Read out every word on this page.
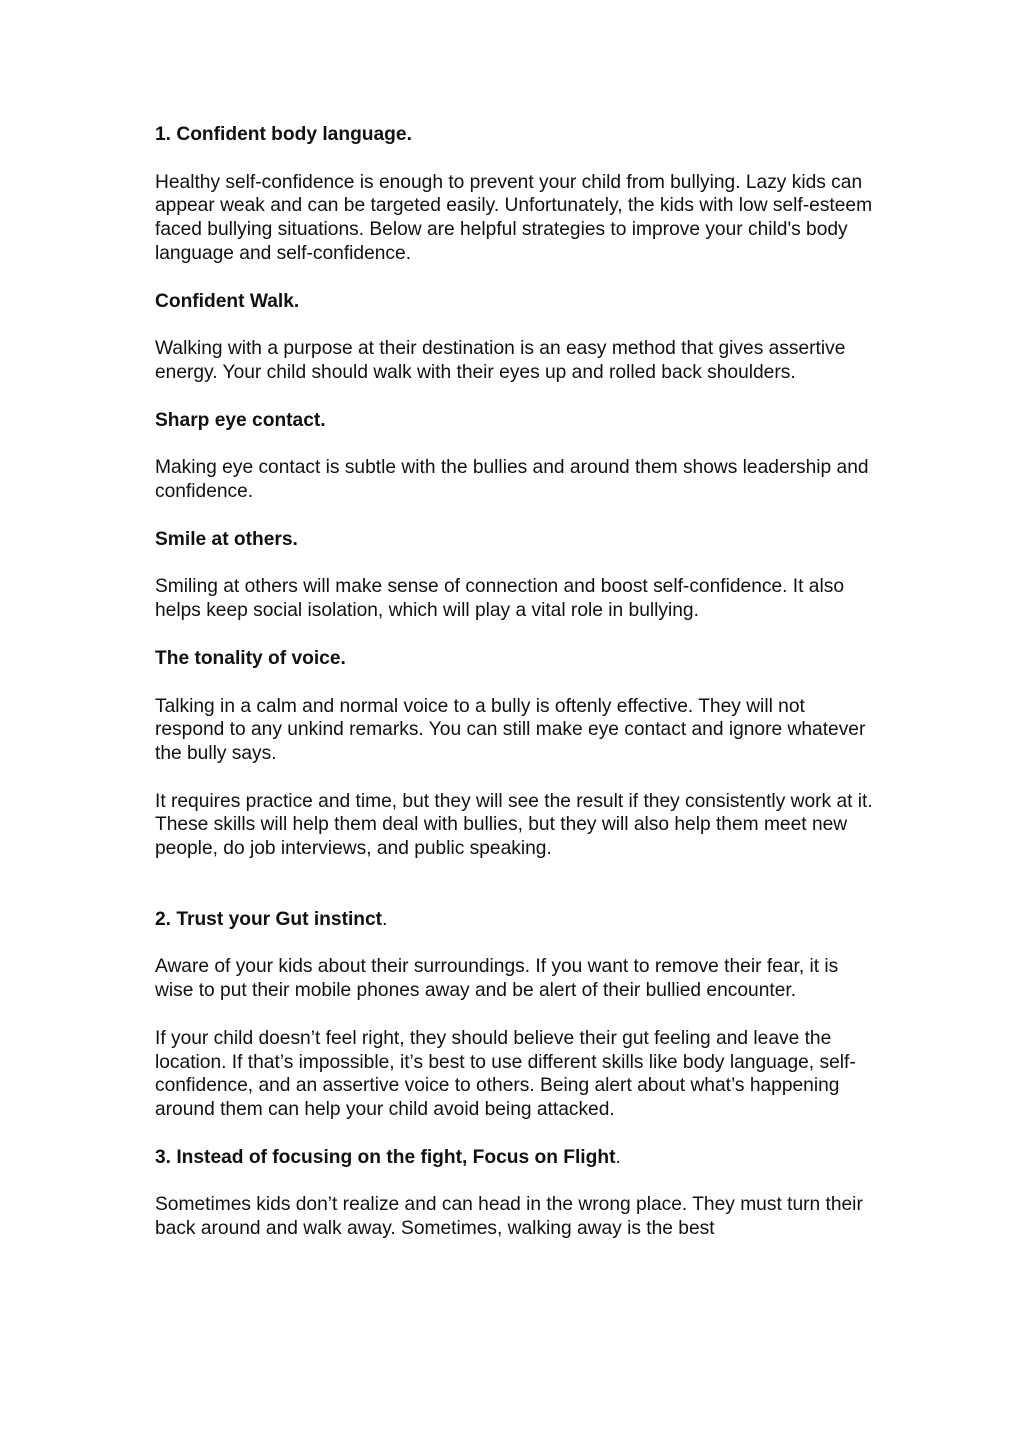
1. Confident body language.

Healthy self-confidence is enough to prevent your child from bullying. Lazy kids can appear weak and can be targeted easily. Unfortunately, the kids with low self-esteem faced bullying situations. Below are helpful strategies to improve your child's body language and self-confidence.

Confident Walk.

Walking with a purpose at their destination is an easy method that gives assertive energy. Your child should walk with their eyes up and rolled back shoulders.

Sharp eye contact.

Making eye contact is subtle with the bullies and around them shows leadership and confidence.

Smile at others.

Smiling at others will make sense of connection and boost self-confidence. It also helps keep social isolation, which will play a vital role in bullying.

The tonality of voice.

Talking in a calm and normal voice to a bully is oftenly effective. They will not respond to any unkind remarks. You can still make eye contact and ignore whatever the bully says.

It requires practice and time, but they will see the result if they consistently work at it. These skills will help them deal with bullies, but they will also help them meet new people, do job interviews, and public speaking.

2. Trust your Gut instinct.

Aware of your kids about their surroundings. If you want to remove their fear, it is wise to put their mobile phones away and be alert of their bullied encounter.

If your child doesn’t feel right, they should believe their gut feeling and leave the location. If that’s impossible, it’s best to use different skills like body language, self-confidence, and an assertive voice to others. Being alert about what’s happening around them can help your child avoid being attacked.

3. Instead of focusing on the fight, Focus on Flight.

Sometimes kids don’t realize and can head in the wrong place. They must turn their back around and walk away. Sometimes, walking away is the best
